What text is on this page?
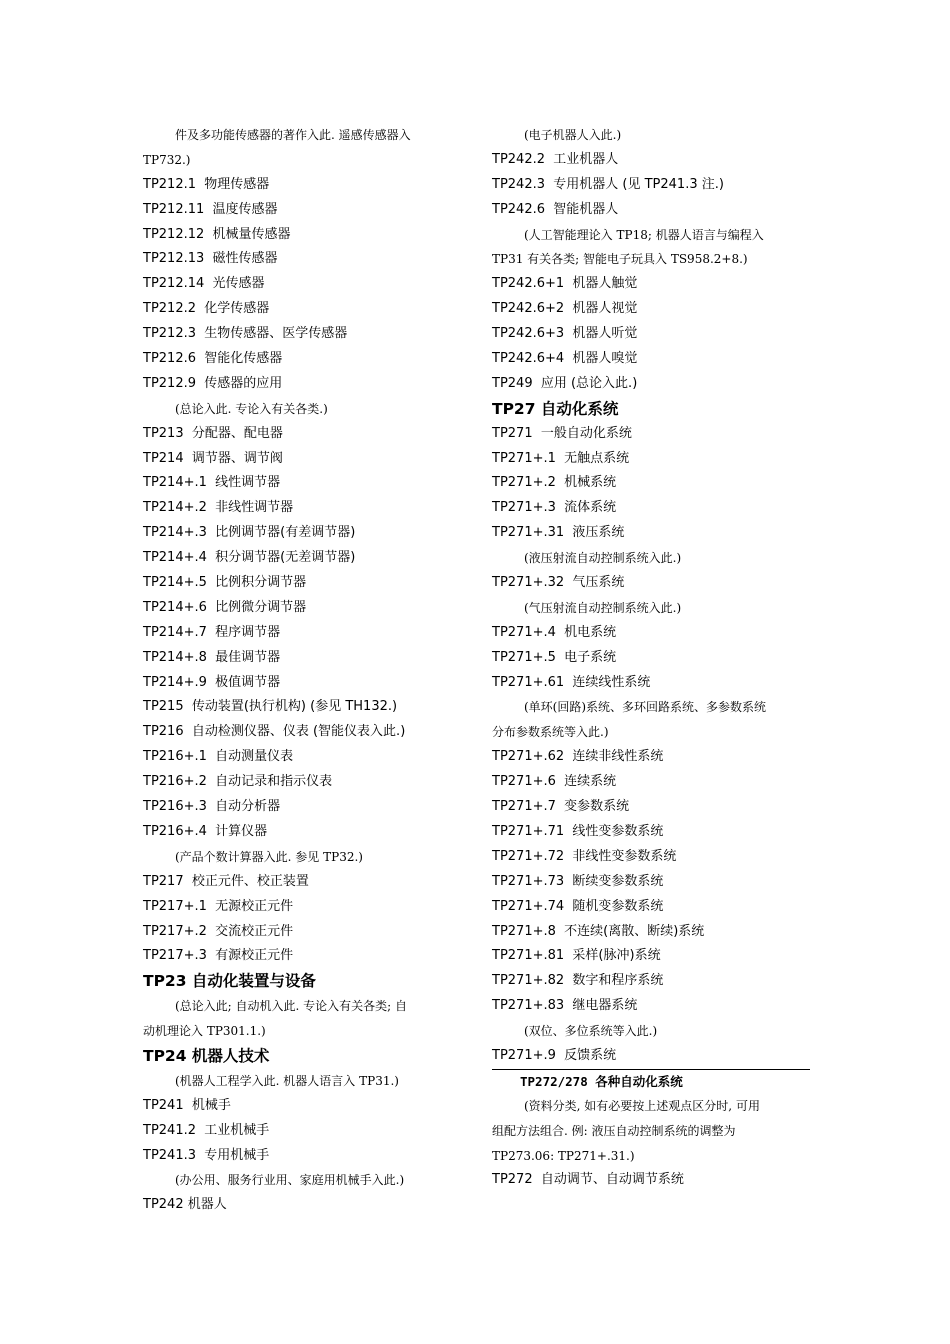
件及多功能传感器的著作入此. 遥感传感器入
TP732.)
TP212.1  物理传感器
TP212.11  温度传感器
TP212.12  机械量传感器
TP212.13  磁性传感器
TP212.14  光传感器
TP212.2  化学传感器
TP212.3  生物传感器、医学传感器
TP212.6  智能化传感器
TP212.9  传感器的应用
(总论入此. 专论入有关各类.)
TP213  分配器、配电器
TP214  调节器、调节阀
TP214+.1  线性调节器
TP214+.2  非线性调节器
TP214+.3  比例调节器(有差调节器)
TP214+.4  积分调节器(无差调节器)
TP214+.5  比例积分调节器
TP214+.6  比例微分调节器
TP214+.7  程序调节器
TP214+.8  最佳调节器
TP214+.9  极值调节器
TP215  传动装置(执行机构) (参见 TH132.)
TP216  自动检测仪器、仪表 (智能仪表入此.)
TP216+.1  自动测量仪表
TP216+.2  自动记录和指示仪表
TP216+.3  自动分析器
TP216+.4  计算仪器
(产品个数计算器入此. 参见 TP32.)
TP217  校正元件、校正装置
TP217+.1  无源校正元件
TP217+.2  交流校正元件
TP217+.3  有源校正元件
TP23 自动化装置与设备
(总论入此; 自动机入此. 专论入有关各类; 自
动机理论入 TP301.1.)
TP24 机器人技术
(机器人工程学入此. 机器人语言入 TP31.)
TP241  机械手
TP241.2  工业机械手
TP241.3  专用机械手
(办公用、服务行业用、家庭用机械手入此.)
TP242 机器人
(电子机器人入此.)
TP242.2  工业机器人
TP242.3  专用机器人 (见 TP241.3 注.)
TP242.6  智能机器人
(人工智能理论入 TP18; 机器人语言与编程入
TP31 有关各类; 智能电子玩具入 TS958.2+8.)
TP242.6+1  机器人触觉
TP242.6+2  机器人视觉
TP242.6+3  机器人听觉
TP242.6+4  机器人嗅觉
TP249  应用 (总论入此.)
TP27 自动化系统
TP271  一般自动化系统
TP271+.1  无触点系统
TP271+.2  机械系统
TP271+.3  流体系统
TP271+.31  液压系统
(液压射流自动控制系统入此.)
TP271+.32  气压系统
(气压射流自动控制系统入此.)
TP271+.4  机电系统
TP271+.5  电子系统
TP271+.61  连续线性系统
(单环(回路)系统、多环回路系统、多参数系统
分布参数系统等入此.)
TP271+.62  连续非线性系统
TP271+.6  连续系统
TP271+.7  变参数系统
TP271+.71  线性变参数系统
TP271+.72  非线性变参数系统
TP271+.73  断续变参数系统
TP271+.74  随机变参数系统
TP271+.8  不连续(离散、断续)系统
TP271+.81  采样(脉冲)系统
TP271+.82  数字和程序系统
TP271+.83  继电器系统
(双位、多位系统等入此.)
TP271+.9  反馈系统
TP272/278 各种自动化系统
(资料分类, 如有必要按上述观点区分时, 可用
组配方法组合. 例: 液压自动控制系统的调整为
TP273.06: TP271+.31.)
TP272  自动调节、自动调节系统
